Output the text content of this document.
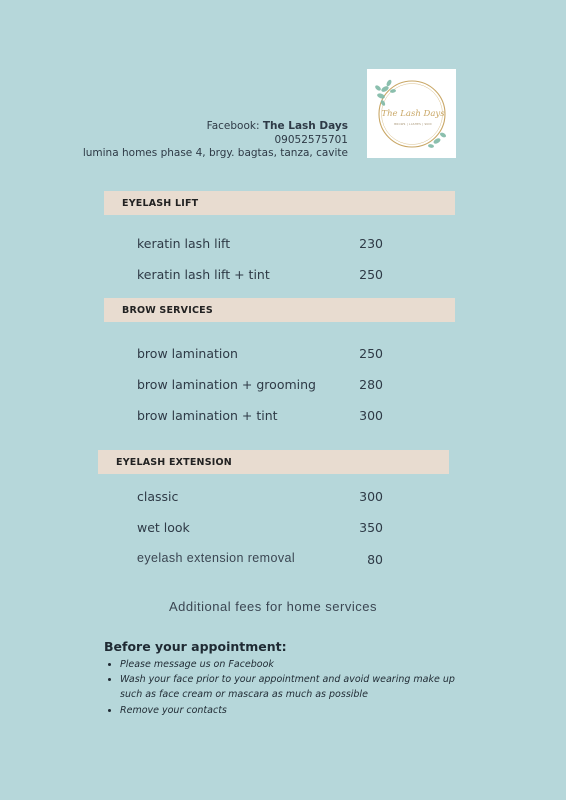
The Lash Days
BROWS | LASHES | SKIN
Facebook: The Lash Days
09052575701
lumina homes phase 4, brgy. bagtas, tanza, cavite
EYELASH LIFT
keratin lash lift	230
keratin lash lift + tint	250
BROW SERVICES
brow lamination	250
brow lamination + grooming	280
brow lamination + tint	300
EYELASH EXTENSION
classic	300
wet look	350
eyelash extension removal	80
Additional fees for home services
Before your appointment:
• Please message us on Facebook
• Wash your face prior to your appointment and avoid wearing make up such as face cream or mascara as much as possible
• Remove your contacts
